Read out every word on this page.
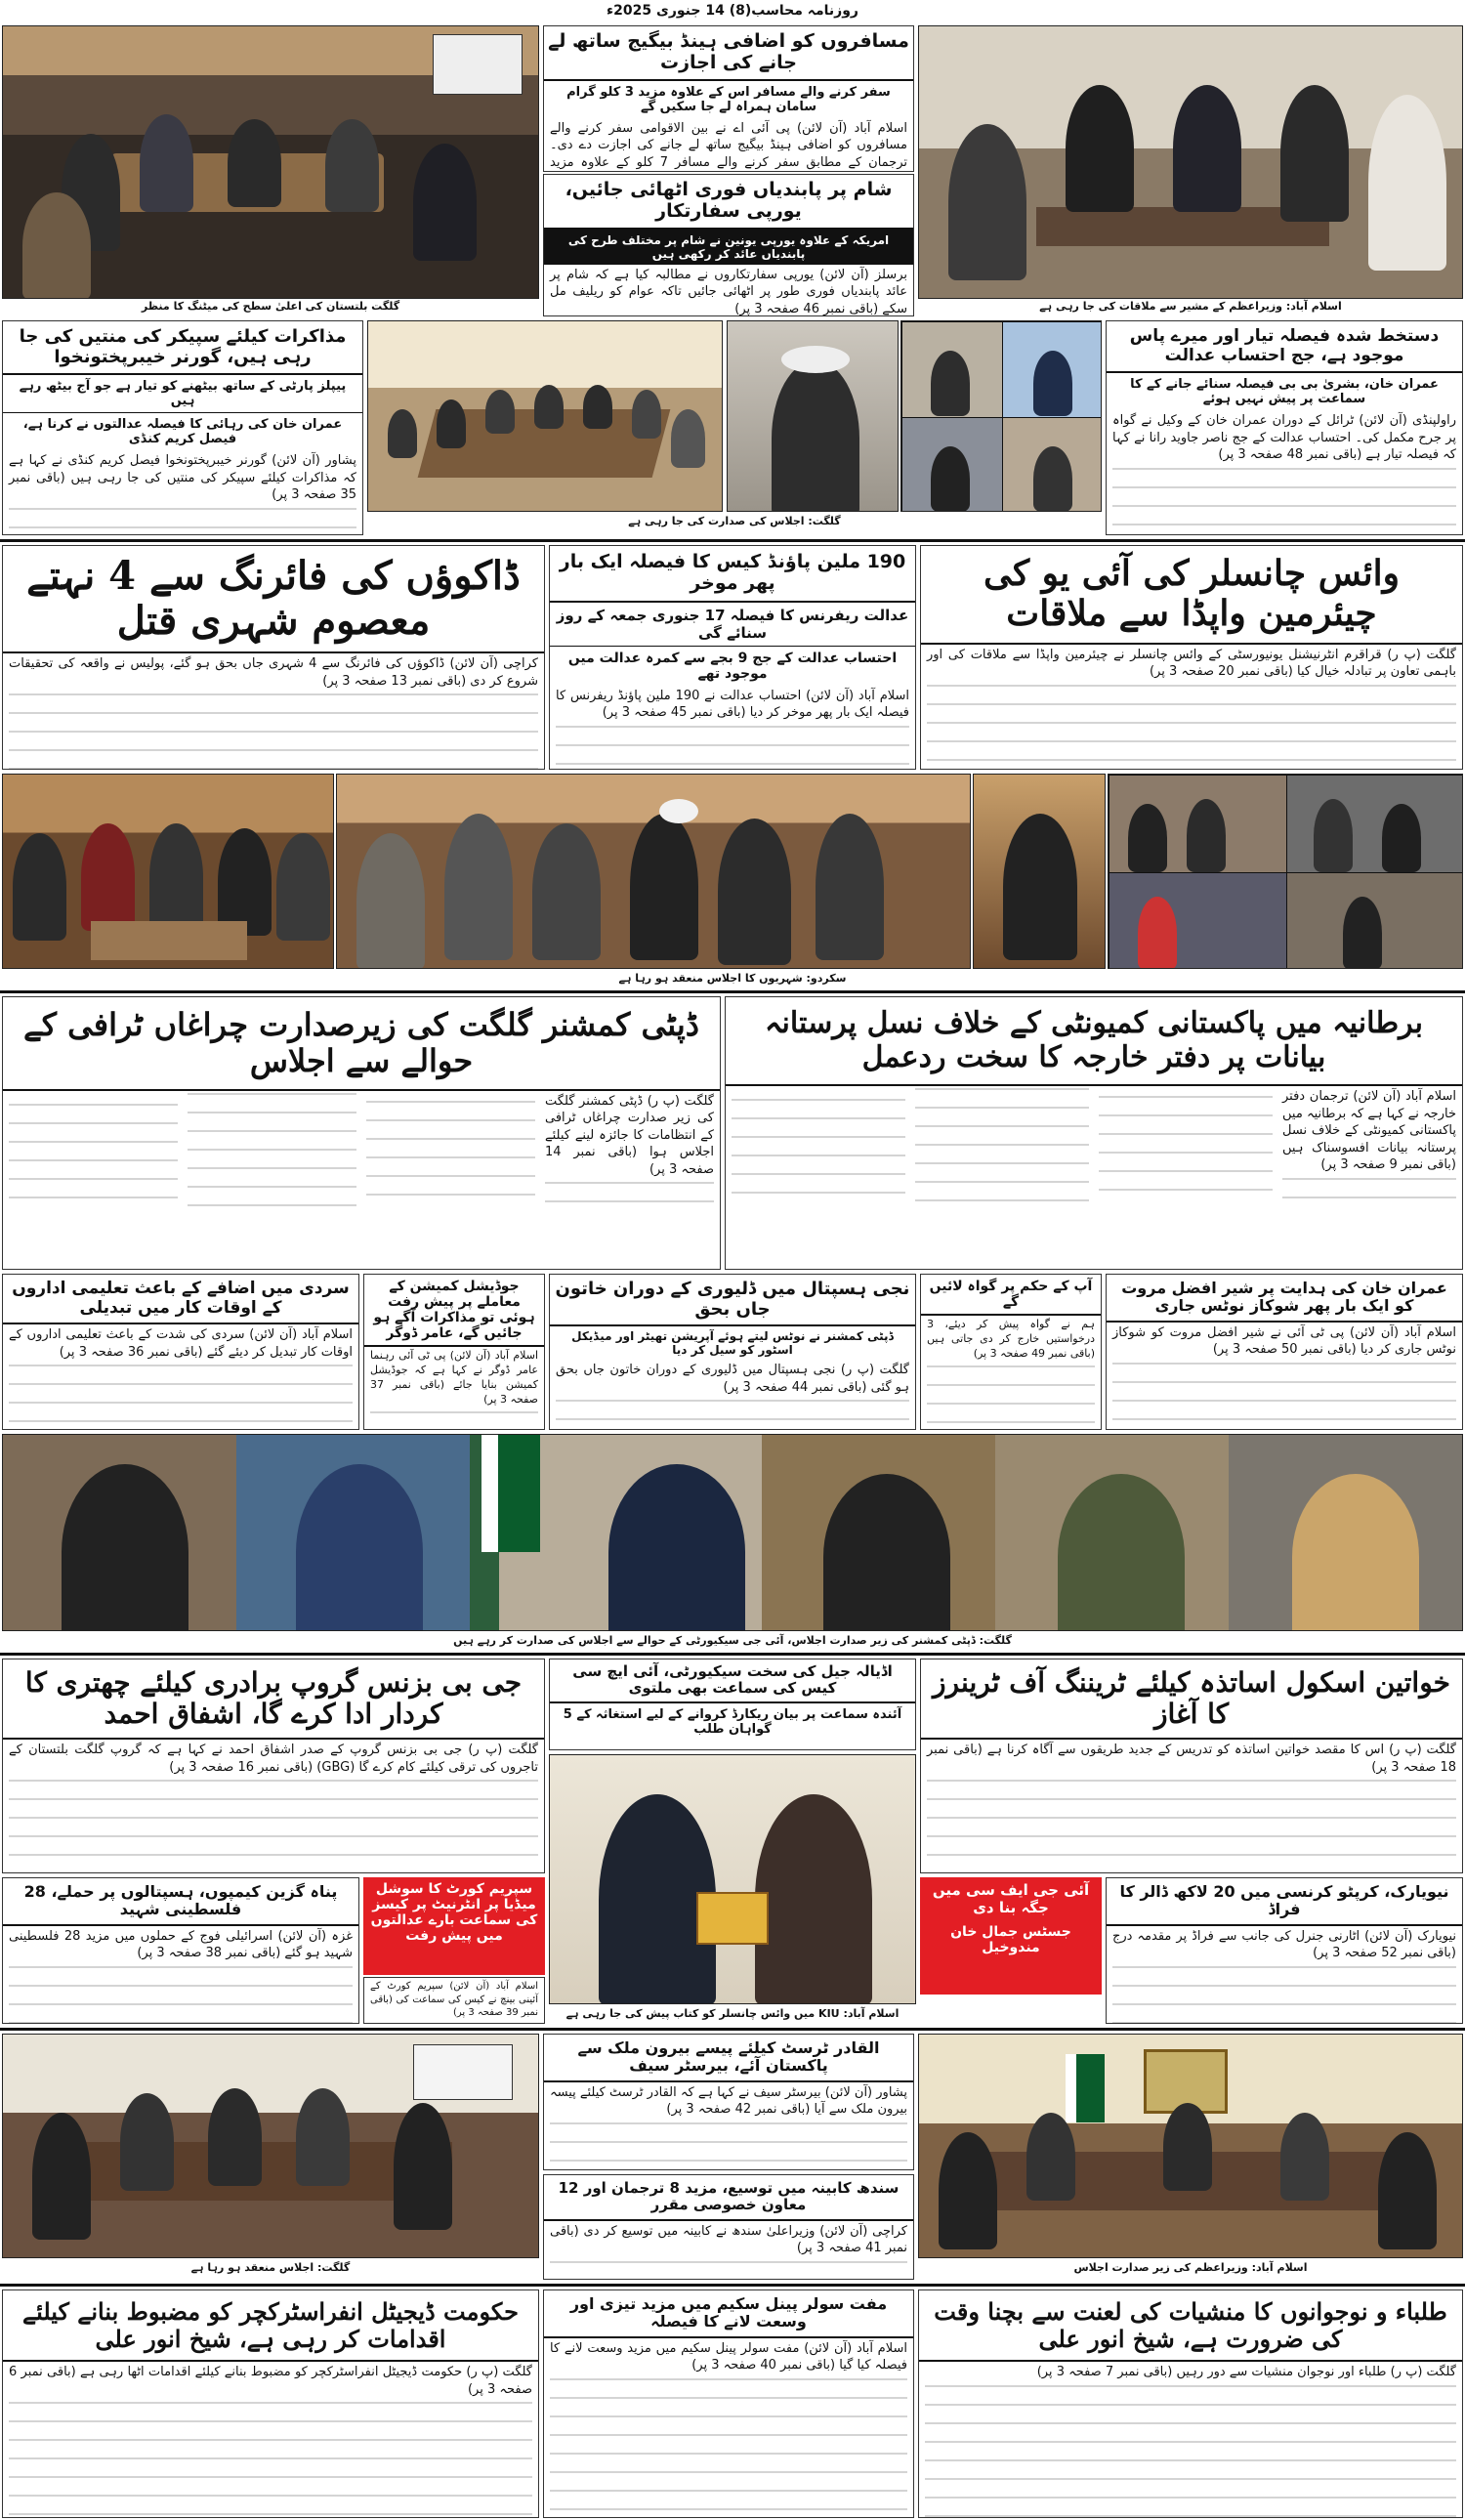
روزنامہ محاسب(8) 14 جنوری 2025ء
گلگت بلتستان کی اعلیٰ سطح کی میٹنگ کا منظر
مسافروں کو اضافی ہینڈ بیگیج ساتھ لے جانے کی اجازت
سفر کرنے والے مسافر اس کے علاوہ مزید 3 کلو گرام سامان ہمراہ لے جا سکیں گے
اسلام آباد (آن لائن) پی آئی اے نے بین الاقوامی سفر کرنے والے مسافروں کو اضافی ہینڈ بیگیج ساتھ لے جانے کی اجازت دے دی۔ ترجمان کے مطابق سفر کرنے والے مسافر 7 کلو کے علاوہ مزید
شام پر پابندیاں فوری اٹھائی جائیں، یورپی سفارتکار
امریکہ کے علاوہ یورپی یونین نے شام پر مختلف طرح کی پابندیاں عائد کر رکھی ہیں
برسلز (آن لائن) یورپی سفارتکاروں نے مطالبہ کیا ہے کہ شام پر عائد پابندیاں فوری طور پر اٹھائی جائیں تاکہ عوام کو ریلیف مل سکے (باقی نمبر 46 صفحہ 3 پر)	اسلام آباد: وزیراعظم کے مشیر سے ملاقات کی جا رہی ہے
مذاکرات کیلئے سپیکر کی منتیں کی جا رہی ہیں، گورنر خیبرپختونخوا
پیپلز پارٹی کے ساتھ بیٹھنے کو تیار ہے جو آج بیٹھ رہے ہیں
عمران خان کی رہائی کا فیصلہ عدالتوں نے کرنا ہے، فیصل کریم کنڈی
پشاور (آن لائن) گورنر خیبرپختونخوا فیصل کریم کنڈی نے کہا ہے کہ مذاکرات کیلئے سپیکر کی منتیں کی جا رہی ہیں (باقی نمبر 35 صفحہ 3 پر)
گلگت: اجلاس کی صدارت کی جا رہی ہے
دستخط شدہ فیصلہ تیار اور میرے پاس موجود ہے، جج احتساب عدالت
عمران خان، بشریٰ بی بی فیصلہ سنائے جانے کے کا سماعت پر پیش نہیں ہوئے
راولپنڈی (آن لائن) ٹرائل کے دوران عمران خان کے وکیل نے گواہ پر جرح مکمل کی۔ احتساب عدالت کے جج ناصر جاوید رانا نے کہا کہ فیصلہ تیار ہے (باقی نمبر 48 صفحہ 3 پر)
ڈاکوؤں کی فائرنگ سے 4 نہتے معصوم شہری قتل
کراچی (آن لائن) ڈاکوؤں کی فائرنگ سے 4 شہری جاں بحق ہو گئے، پولیس نے واقعہ کی تحقیقات شروع کر دی (باقی نمبر 13 صفحہ 3 پر)
190 ملین پاؤنڈ کیس کا فیصلہ ایک بار پھر موخر
عدالت ریفرنس کا فیصلہ 17 جنوری جمعہ کے روز سنائے گی
احتساب عدالت کے جج 9 بجے سے کمرہ عدالت میں موجود تھے
اسلام آباد (آن لائن) احتساب عدالت نے 190 ملین پاؤنڈ ریفرنس کا فیصلہ ایک بار پھر موخر کر دیا (باقی نمبر 45 صفحہ 3 پر)
وائس چانسلر کی آئی یو کی چیئرمین واپڈا سے ملاقات
گلگت (پ ر) قراقرم انٹرنیشنل یونیورسٹی کے وائس چانسلر نے چیئرمین واپڈا سے ملاقات کی اور باہمی تعاون پر تبادلہ خیال کیا (باقی نمبر 20 صفحہ 3 پر)
سکردو: شہریوں کا اجلاس منعقد ہو رہا ہے
ڈپٹی کمشنر گلگت کی زیرصدارت چراغاں ٹرافی کے حوالے سے اجلاس
گلگت (پ ر) ڈپٹی کمشنر گلگت کی زیر صدارت چراغاں ٹرافی کے انتظامات کا جائزہ لینے کیلئے اجلاس ہوا (باقی نمبر 14 صفحہ 3 پر)
برطانیہ میں پاکستانی کمیونٹی کے خلاف نسل پرستانہ بیانات پر دفتر خارجہ کا سخت ردعمل
اسلام آباد (آن لائن) ترجمان دفتر خارجہ نے کہا ہے کہ برطانیہ میں پاکستانی کمیونٹی کے خلاف نسل پرستانہ بیانات افسوسناک ہیں (باقی نمبر 9 صفحہ 3 پر)
سردی میں اضافے کے باعث تعلیمی اداروں کے اوقات کار میں تبدیلی
اسلام آباد (آن لائن) سردی کی شدت کے باعث تعلیمی اداروں کے اوقات کار تبدیل کر دیئے گئے (باقی نمبر 36 صفحہ 3 پر)
جوڈیشل کمیشن کے معاملے پر پیش رفت ہوئی تو مذاکرات آگے ہو جائیں گے، عامر ڈوگر
اسلام آباد (آن لائن) پی ٹی آئی رہنما عامر ڈوگر نے کہا ہے کہ جوڈیشل کمیشن بنایا جائے (باقی نمبر 37 صفحہ 3 پر)
نجی ہسپتال میں ڈلیوری کے دوران خاتون جاں بحق
ڈپٹی کمشنر نے نوٹس لیتے ہوئے آپریشن تھیٹر اور میڈیکل اسٹور کو سیل کر دیا
گلگت (پ ر) نجی ہسپتال میں ڈلیوری کے دوران خاتون جاں بحق ہو گئی (باقی نمبر 44 صفحہ 3 پر)
آپ کے حکم پر گواہ لائیں گے
ہم نے گواہ پیش کر دیئے، 3 درخواستیں خارج کر دی جاتی ہیں (باقی نمبر 49 صفحہ 3 پر)
عمران خان کی ہدایت پر شیر افضل مروت کو ایک بار پھر شوکاز نوٹس جاری
اسلام آباد (آن لائن) پی ٹی آئی نے شیر افضل مروت کو شوکاز نوٹس جاری کر دیا (باقی نمبر 50 صفحہ 3 پر)
گلگت: ڈپٹی کمشنر کی زیر صدارت اجلاس، آئی جی سیکیورٹی کے حوالے سے اجلاس کی صدارت کر رہے ہیں
جی بی بزنس گروپ برادری کیلئے چھتری کا کردار ادا کرے گا، اشفاق احمد
گلگت (پ ر) جی بی بزنس گروپ کے صدر اشفاق احمد نے کہا ہے کہ گروپ گلگت بلتستان کے تاجروں کی ترقی کیلئے کام کرے گا (GBG) (باقی نمبر 16 صفحہ 3 پر)
پناہ گزین کیمپوں، ہسپتالوں پر حملے، 28 فلسطینی شہید
غزہ (آن لائن) اسرائیلی فوج کے حملوں میں مزید 28 فلسطینی شہید ہو گئے (باقی نمبر 38 صفحہ 3 پر)
سپریم کورٹ کا سوشل میڈیا پر انٹرنیٹ پر کیسز کی سماعت بارے عدالتوں میں پیش رفت
اسلام آباد (آن لائن) سپریم کورٹ کے آئینی بینچ نے کیس کی سماعت کی (باقی نمبر 39 صفحہ 3 پر)
اڈیالہ جیل کی سخت سیکیورٹی، آئی ایچ سی کیس کی سماعت بھی ملتوی
آئندہ سماعت پر بیان ریکارڈ کروانے کے لیے استغاثہ کے 5 گواہان طلب
اسلام آباد: KIU میں وائس چانسلر کو کتاب پیش کی جا رہی ہے
خواتین اسکول اساتذہ کیلئے ٹریننگ آف ٹرینرز کا آغاز
گلگت (پ ر) اس کا مقصد خواتین اساتذہ کو تدریس کے جدید طریقوں سے آگاہ کرنا ہے (باقی نمبر 18 صفحہ 3 پر)
آئی جی ایف سی میں جگہ بنا دی
جسٹس جمال خان مندوخیل
نیویارک، کرپٹو کرنسی میں 20 لاکھ ڈالر کا فراڈ
نیویارک (آن لائن) اٹارنی جنرل کی جانب سے فراڈ پر مقدمہ درج (باقی نمبر 52 صفحہ 3 پر)
گلگت: اجلاس منعقد ہو رہا ہے
القادر ٹرسٹ کیلئے پیسے بیرون ملک سے پاکستان آئے، بیرسٹر سیف
پشاور (آن لائن) بیرسٹر سیف نے کہا ہے کہ القادر ٹرسٹ کیلئے پیسہ بیرون ملک سے آیا (باقی نمبر 42 صفحہ 3 پر)
سندھ کابینہ میں توسیع، مزید 8 ترجمان اور 12 معاون خصوصی مقرر
کراچی (آن لائن) وزیراعلیٰ سندھ نے کابینہ میں توسیع کر دی (باقی نمبر 41 صفحہ 3 پر)
اسلام آباد: وزیراعظم کی زیر صدارت اجلاس
حکومت ڈیجیٹل انفراسٹرکچر کو مضبوط بنانے کیلئے اقدامات کر رہی ہے، شیخ انور علی
گلگت (پ ر) حکومت ڈیجیٹل انفراسٹرکچر کو مضبوط بنانے کیلئے اقدامات اٹھا رہی ہے (باقی نمبر 6 صفحہ 3 پر)
مفت سولر پینل سکیم میں مزید تیزی اور وسعت لانے کا فیصلہ
اسلام آباد (آن لائن) مفت سولر پینل سکیم میں مزید وسعت لانے کا فیصلہ کیا گیا (باقی نمبر 40 صفحہ 3 پر)
طلباء و نوجوانوں کا منشیات کی لعنت سے بچنا وقت کی ضرورت ہے، شیخ انور علی
گلگت (پ ر) طلباء اور نوجوان منشیات سے دور رہیں (باقی نمبر 7 صفحہ 3 پر)
